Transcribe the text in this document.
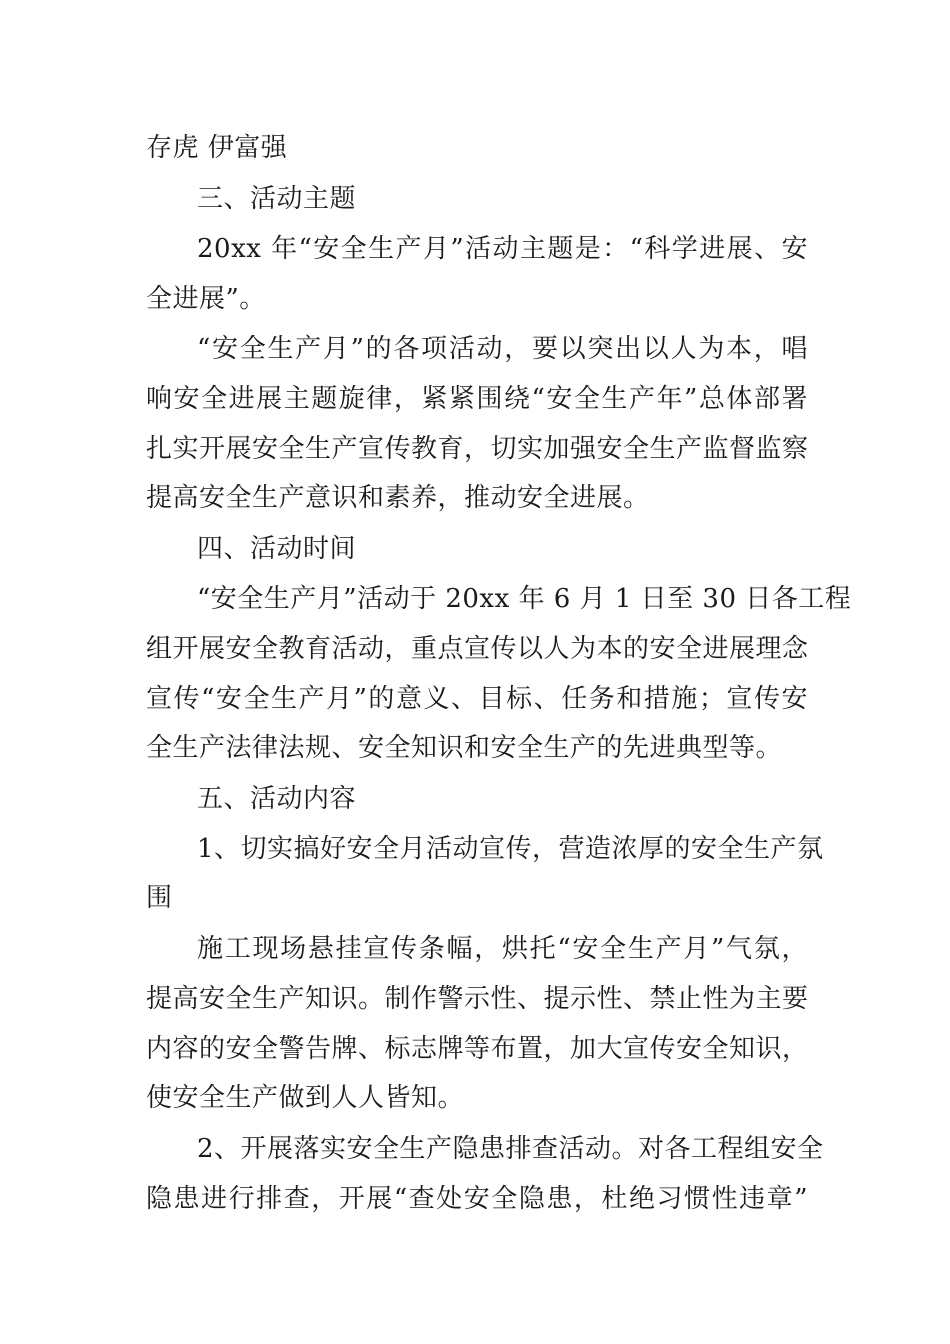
存虎 伊富强
三、活动主题
20xx 年“安全生产月”活动主题是：“科学进展、安
全进展”。
“安全生产月”的各项活动，要以突出以人为本，唱
响安全进展主题旋律，紧紧围绕“安全生产年”总体部署
扎实开展安全生产宣传教育，切实加强安全生产监督监察
提高安全生产意识和素养，推动安全进展。
四、活动时间
“安全生产月”活动于 20xx 年 6 月 1 日至 30 日各工程
组开展安全教育活动，重点宣传以人为本的安全进展理念
宣传“安全生产月”的意义、目标、任务和措施；宣传安
全生产法律法规、安全知识和安全生产的先进典型等。
五、活动内容
1、切实搞好安全月活动宣传，营造浓厚的安全生产氛
围
施工现场悬挂宣传条幅，烘托“安全生产月”气氛，
提高安全生产知识。制作警示性、提示性、禁止性为主要
内容的安全警告牌、标志牌等布置，加大宣传安全知识，
使安全生产做到人人皆知。
2、开展落实安全生产隐患排查活动。对各工程组安全
隐患进行排查，开展“查处安全隐患，杜绝习惯性违章”
